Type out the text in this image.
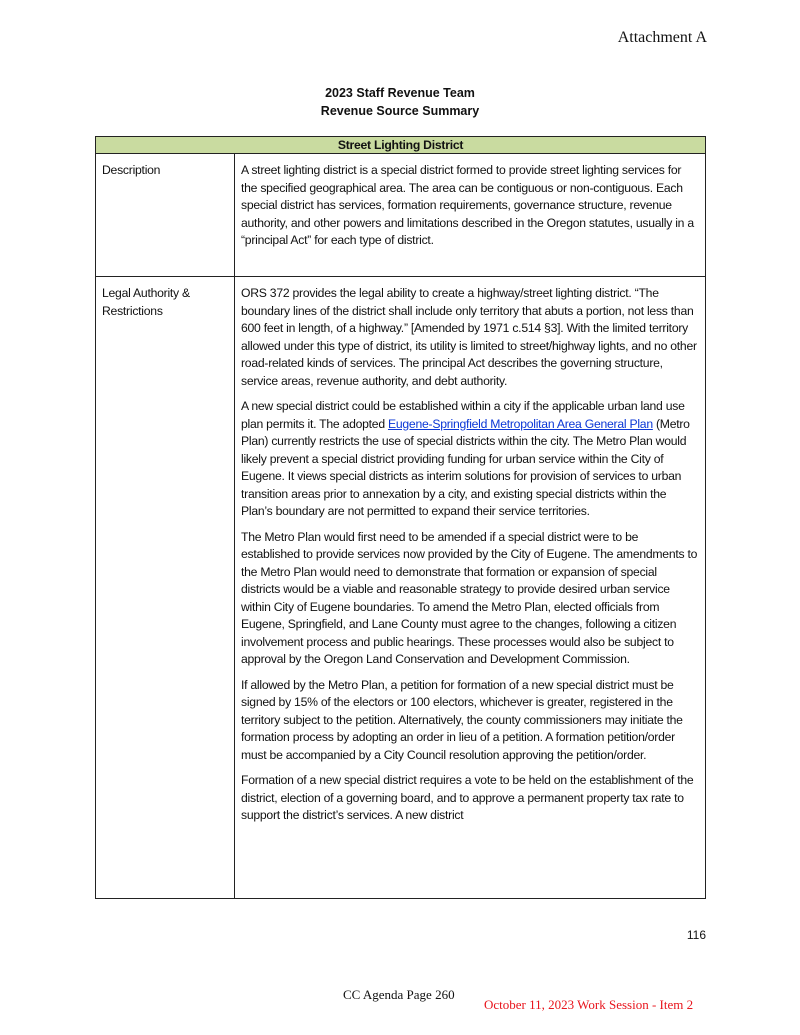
Attachment A
2023 Staff Revenue Team
Revenue Source Summary
Street Lighting District	
Description	A street lighting district is a special district formed to provide street lighting services for the specified geographical area. The area can be contiguous or non-contiguous. Each special district has services, formation requirements, governance structure, revenue authority, and other powers and limitations described in the Oregon statutes, usually in a “principal Act” for each type of district.

Legal Authority & Restrictions	ORS 372 provides the legal ability to create a highway/street lighting district. “The boundary lines of the district shall include only territory that abuts a portion, not less than 600 feet in length, of a highway.” [Amended by 1971 c.514 §3]. With the limited territory allowed under this type of district, its utility is limited to street/highway lights, and no other road-related kinds of services. The principal Act describes the governing structure, service areas, revenue authority, and debt authority.

A new special district could be established within a city if the applicable urban land use plan permits it. The adopted Eugene-Springfield Metropolitan Area General Plan (Metro Plan) currently restricts the use of special districts within the city. The Metro Plan would likely prevent a special district providing funding for urban service within the City of Eugene. It views special districts as interim solutions for provision of services to urban transition areas prior to annexation by a city, and existing special districts within the Plan’s boundary are not permitted to expand their service territories.

The Metro Plan would first need to be amended if a special district were to be established to provide services now provided by the City of Eugene. The amendments to the Metro Plan would need to demonstrate that formation or expansion of special districts would be a viable and reasonable strategy to provide desired urban service within City of Eugene boundaries. To amend the Metro Plan, elected officials from Eugene, Springfield, and Lane County must agree to the changes, following a citizen involvement process and public hearings. These processes would also be subject to approval by the Oregon Land Conservation and Development Commission.

If allowed by the Metro Plan, a petition for formation of a new special district must be signed by 15% of the electors or 100 electors, whichever is greater, registered in the territory subject to the petition. Alternatively, the county commissioners may initiate the formation process by adopting an order in lieu of a petition. A formation petition/order must be accompanied by a City Council resolution approving the petition/order.

Formation of a new special district requires a vote to be held on the establishment of the district, election of a governing board, and to approve a permanent property tax rate to support the district’s services. A new district

116
CC Agenda Page 260
October 11, 2023 Work Session - Item 2
